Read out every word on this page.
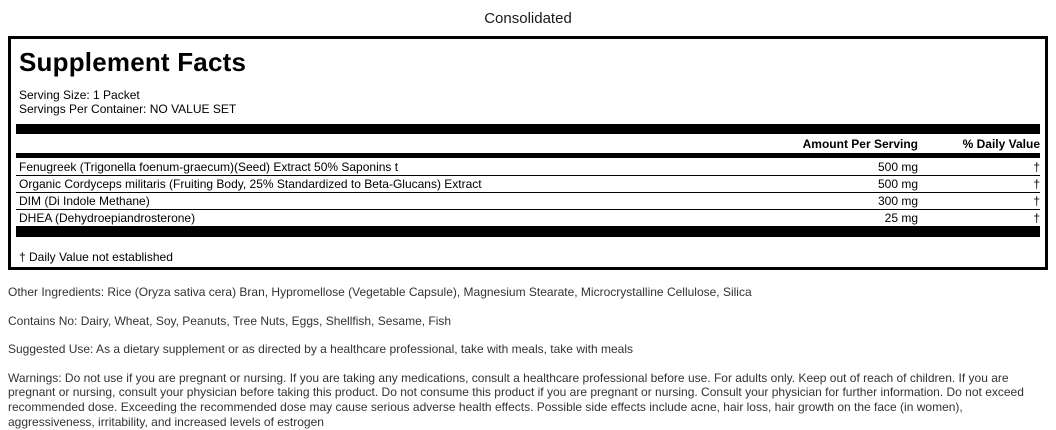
Consolidated
Supplement Facts
Serving Size: 1 Packet
Servings Per Container: NO VALUE SET
Amount Per Serving	% Daily Value
Fenugreek (Trigonella foenum-graecum)(Seed) Extract 50% Saponins t	500 mg	†
Organic Cordyceps militaris (Fruiting Body, 25% Standardized to Beta-Glucans) Extract	500 mg	†
DIM (Di Indole Methane)	300 mg	†
DHEA (Dehydroepiandrosterone)	25 mg	†
† Daily Value not established

Other Ingredients: Rice (Oryza sativa cera) Bran, Hypromellose (Vegetable Capsule), Magnesium Stearate, Microcrystalline Cellulose, Silica

Contains No: Dairy, Wheat, Soy, Peanuts, Tree Nuts, Eggs, Shellfish, Sesame, Fish

Suggested Use: As a dietary supplement or as directed by a healthcare professional, take with meals, take with meals

Warnings: Do not use if you are pregnant or nursing. If you are taking any medications, consult a healthcare professional before use. For adults only. Keep out of reach of children. If you are pregnant or nursing, consult your physician before taking this product. Do not consume this product if you are pregnant or nursing. Consult your physician for further information. Do not exceed recommended dose. Exceeding the recommended dose may cause serious adverse health effects. Possible side effects include acne, hair loss, hair growth on the face (in women), aggressiveness, irritability, and increased levels of estrogen
